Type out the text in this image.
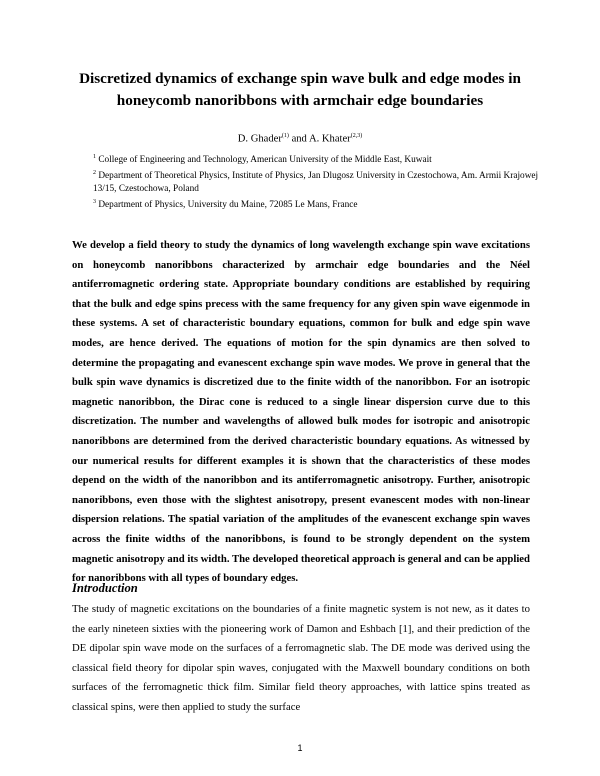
Discretized dynamics of exchange spin wave bulk and edge modes in
honeycomb nanoribbons with armchair edge boundaries
D. Ghader$^{(1)}$ and A. Khater$^{(2,3)}$
$^1$ College of Engineering and Technology, American University of the Middle East, Kuwait
$^2$ Department of Theoretical Physics, Institute of Physics, Jan Dlugosz University in Czestochowa, Am. Armii Krajowej 13/15, Czestochowa, Poland
$^3$ Department of Physics, University du Maine, 72085 Le Mans, France

We develop a field theory to study the dynamics of long wavelength exchange spin wave excitations on honeycomb nanoribbons characterized by armchair edge boundaries and the Néel antiferromagnetic ordering state. Appropriate boundary conditions are established by requiring that the bulk and edge spins precess with the same frequency for any given spin wave eigenmode in these systems. A set of characteristic boundary equations, common for bulk and edge spin wave modes, are hence derived. The equations of motion for the spin dynamics are then solved to determine the propagating and evanescent exchange spin wave modes. We prove in general that the bulk spin wave dynamics is discretized due to the finite width of the nanoribbon. For an isotropic magnetic nanoribbon, the Dirac cone is reduced to a single linear dispersion curve due to this discretization. The number and wavelengths of allowed bulk modes for isotropic and anisotropic nanoribbons are determined from the derived characteristic boundary equations. As witnessed by our numerical results for different examples it is shown that the characteristics of these modes depend on the width of the nanoribbon and its antiferromagnetic anisotropy. Further, anisotropic nanoribbons, even those with the slightest anisotropy, present evanescent modes with non-linear dispersion relations. The spatial variation of the amplitudes of the evanescent exchange spin waves across the finite widths of the nanoribbons, is found to be strongly dependent on the system magnetic anisotropy and its width. The developed theoretical approach is general and can be applied for nanoribbons with all types of boundary edges.

Introduction

The study of magnetic excitations on the boundaries of a finite magnetic system is not new, as it dates to the early nineteen sixties with the pioneering work of Damon and Eshbach [1], and their prediction of the DE dipolar spin wave mode on the surfaces of a ferromagnetic slab. The DE mode was derived using the classical field theory for dipolar spin waves, conjugated with the Maxwell boundary conditions on both surfaces of the ferromagnetic thick film. Similar field theory approaches, with lattice spins treated as classical spins, were then applied to study the surface

1
